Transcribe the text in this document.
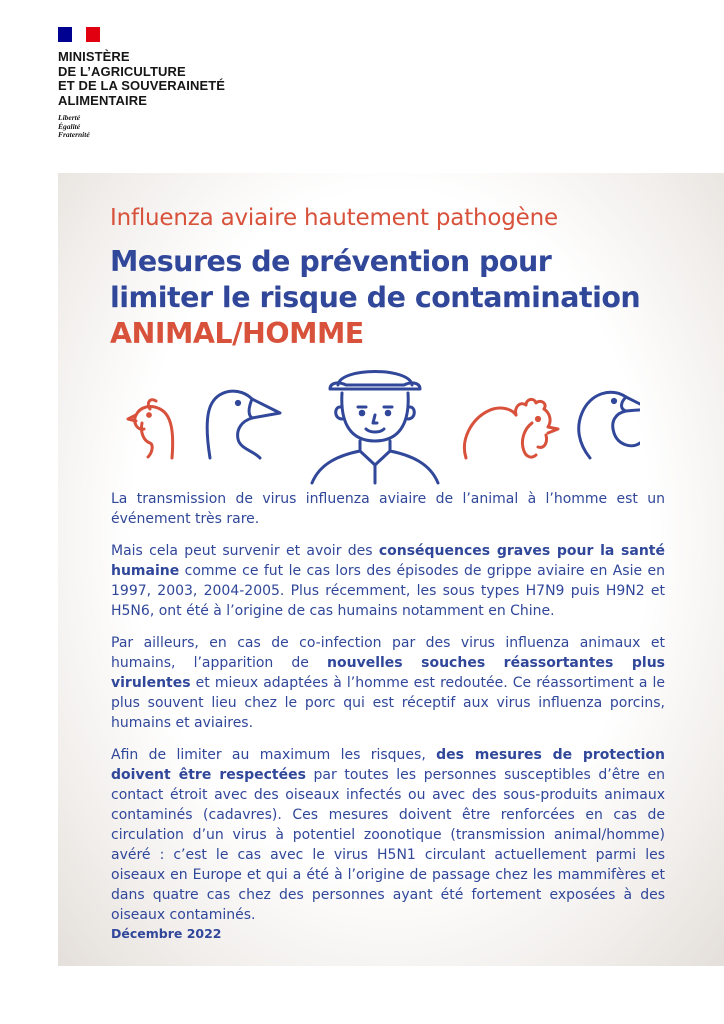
MINISTÈRE
DE L’AGRICULTURE
ET DE LA SOUVERAINETÉ
ALIMENTAIRE
Liberté
Égalité
Fraternité
Influenza aviaire hautement pathogène
Mesures de prévention pour
limiter le risque de contamination
ANIMAL/HOMME

La transmission de virus influenza aviaire de l’animal à l’homme est un événement très rare.

Mais cela peut survenir et avoir des conséquences graves pour la santé humaine comme ce fut le cas lors des épisodes de grippe aviaire en Asie en 1997, 2003, 2004-2005. Plus récemment, les sous types H7N9 puis H9N2 et H5N6, ont été à l’origine de cas humains notamment en Chine.

Par ailleurs, en cas de co-infection par des virus influenza animaux et humains, l’apparition de nouvelles souches réassortantes plus virulentes et mieux adaptées à l’homme est redoutée. Ce réassortiment a le plus souvent lieu chez le porc qui est réceptif aux virus influenza porcins, humains et aviaires.

Afin de limiter au maximum les risques, des mesures de protection doivent être respectées par toutes les personnes susceptibles d’être en contact étroit avec des oiseaux infectés ou avec des sous-produits animaux contaminés (cadavres). Ces mesures doivent être renforcées en cas de circulation d’un virus à potentiel zoonotique (transmission animal/homme) avéré : c’est le cas avec le virus H5N1 circulant actuellement parmi les oiseaux en Europe et qui a été à l’origine de passage chez les mammifères et dans quatre cas chez des personnes ayant été fortement exposées à des oiseaux contaminés.

Décembre 2022
